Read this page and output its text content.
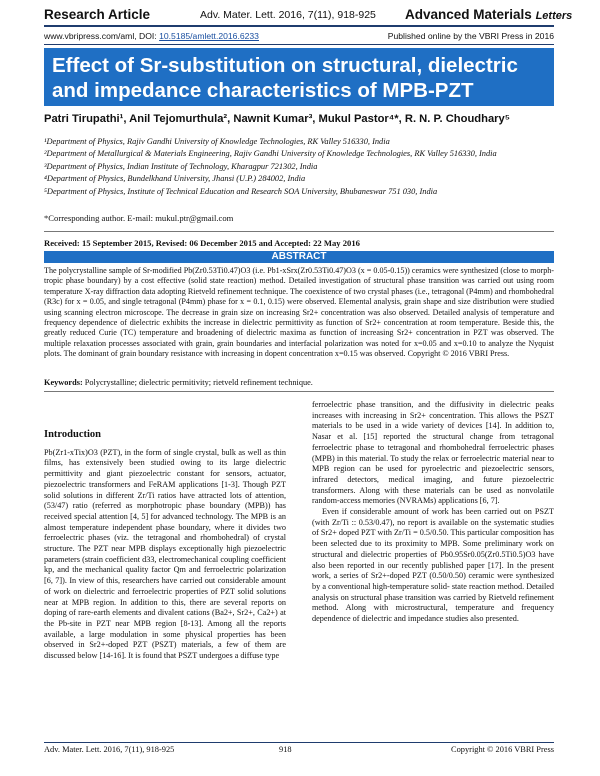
Research Article	Adv. Mater. Lett. 2016, 7(11), 918-925 Advanced Materials Letters
www.vbripress.com/aml, DOI: 10.5185/amlett.2016.6233	Published online by the VBRI Press in 2016
Effect of Sr-substitution on structural, dielectric and impedance characteristics of MPB-PZT
Patri Tirupathi¹, Anil Tejomurthula², Nawnit Kumar³, Mukul Pastor⁴*, R. N. P. Choudhary⁵
¹Department of Physics, Rajiv Gandhi University of Knowledge Technologies, RK Valley 516330, India
²Department of Metallurgical & Materials Engineering, Rajiv Gandhi University of Knowledge Technologies, RK Valley 516330, India
³Department of Physics, Indian Institute of Technology, Kharagpur 721302, India
⁴Department of Physics, Bundelkhand University, Jhansi (U.P.) 284002, India
⁵Department of Physics, Institute of Technical Education and Research SOA University, Bhubaneswar 751 030, India
*Corresponding author. E-mail: mukul.ptr@gmail.com
Received: 15 September 2015, Revised: 06 December 2015 and Accepted: 22 May 2016
ABSTRACT
The polycrystalline sample of Sr-modified Pb(Zr0.53Ti0.47)O3 (i.e. Pb1-xSrx(Zr0.53Ti0.47)O3 (x = 0.05-0.15)) ceramics were synthesized (close to morph-tropic phase boundary) by a cost effective (solid state reaction) method. Detailed investigation of structural phase transition was carried out using room temperature X-ray diffraction data adopting Rietveld refinement technique. The coexistence of two crystal phases (i.e., tetragonal (P4mm) and rhombohedral (R3c) for x = 0.05, and single tetragonal (P4mm) phase for x = 0.1, 0.15) were observed. Elemental analysis, grain shape and size distribution were studied using scanning electron microscope. The decrease in grain size on increasing Sr2+ concentration was also observed. Detailed analysis of temperature and frequency dependence of dielectric exhibits the increase in dielectric permittivity as function of Sr2+ concentration at room temperature. Beside this, the greatly reduced Curie (TC) temperature and broadening of dielectric maxima as function of increasing Sr2+ concentration in PZT was observed. The multiple relaxation processes associated with grain, grain boundaries and interfacial polarization was noted for x=0.05 and x=0.10 to analyze the Nyquist plots. The dominant of grain boundary resistance with increasing in dopent concentration x=0.15 was observed. Copyright © 2016 VBRI Press.
Keywords: Polycrystalline; dielectric permitivity; rietveld refinement technique.
Introduction

Pb(Zr1-xTix)O3 (PZT), in the form of single crystal, bulk as well as thin films, has extensively been studied owing to its large dielectric permittivity and giant piezoelectric constant for sensors, actuator, piezoelectric transformers and FeRAM applications [1-3]. Though PZT solid solutions in different Zr/Ti ratios have attracted lots of attention, (53/47) ratio (referred as morphotropic phase boundary (MPB)) has received special attention [4, 5] for advanced technology. The MPB is an almost temperature independent phase boundary, where it divides two ferroelectric phases (viz. the tetragonal and rhombohedral) of crystal structure. The PZT near MPB displays exceptionally high piezoelectric parameters (strain coefficient d33, electromechanical coupling coefficient kp, and the mechanical quality factor Qm and ferroelectric polarization [6, 7]). In view of this, researchers have carried out considerable amount of work on dielectric and ferroelectric properties of PZT solid solutions near at MPB region. In addition to this, there are several reports on doping of rare-earth elements and divalent cations (Ba2+, Sr2+, Ca2+) at the Pb-site in PZT near MPB region [8-13]. Among all the reports available, a large modulation in some physical properties has been observed in Sr2+-doped PZT (PSZT) materials, a few of them are discussed below [14-16]. It is found that PSZT undergoes a diffuse type

ferroelectric phase transition, and the diffusivity in dielectric peaks increases with increasing in Sr2+ concentration. This allows the PSZT materials to be used in a wide variety of devices [14]. In addition to, Nasar et al. [15] reported the structural change from tetragonal ferroelectric phase to tetragonal and rhombohedral ferroelectric phases (MPB) in this material. To study the relax or ferroelectric material near to MPB region can be used for pyroelectric and piezoelectric sensors, infrared detectors, medical imaging, and future piezoelectric transformers. Along with these materials can be used as nonvolatile random-access memories (NVRAMs) applications [6, 7].

Even if considerable amount of work has been carried out on PSZT (with Zr/Ti :: 0.53/0.47), no report is available on the systematic studies of Sr2+ doped PZT with Zr/Ti = 0.5/0.50. This particular composition has been selected due to its proximity to MPB. Some preliminary work on structural and dielectric properties of Pb0.95Sr0.05(Zr0.5Ti0.5)O3 have also been reported in our recently published paper [17]. In the present work, a series of Sr2+-doped PZT (0.50/0.50) ceramic were synthesized by a conventional high-temperature solid- state reaction method. Detailed analysis on structural phase transition was carried by Rietveld refinement method. Along with microstructural, temperature and frequency dependence of dielectric and impedance studies also presented.

Adv. Mater. Lett. 2016, 7(11), 918-925	918	Copyright © 2016 VBRI Press
